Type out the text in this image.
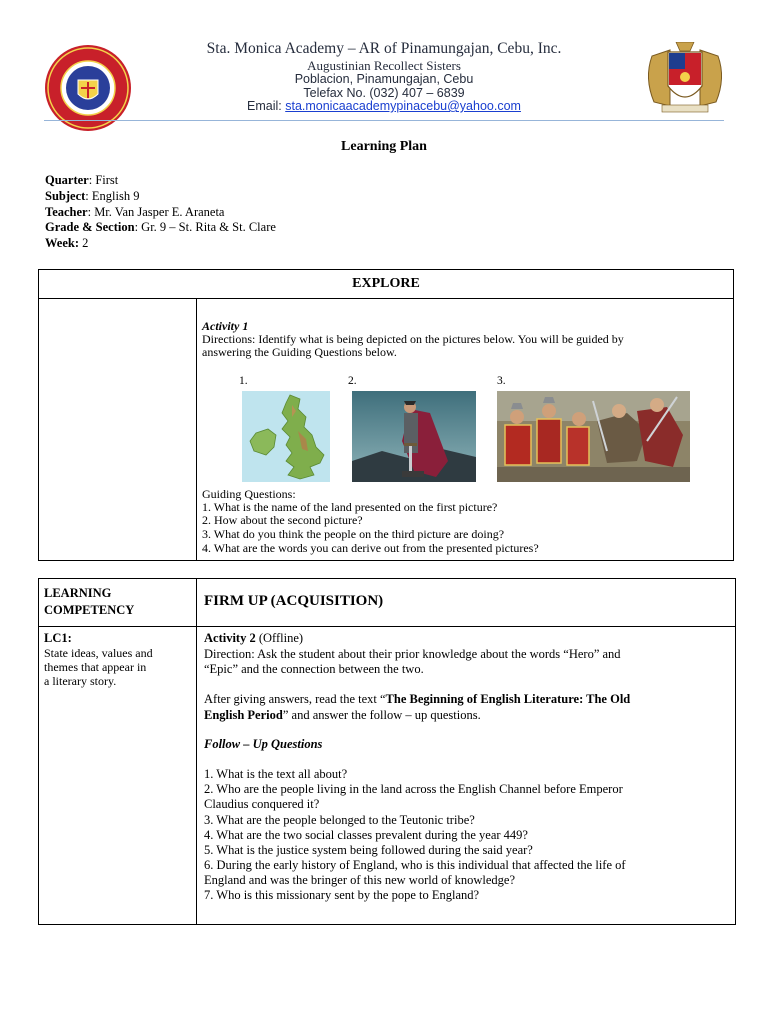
Sta. Monica Academy – AR of Pinamungajan, Cebu, Inc.
Augustinian Recollect Sisters
Poblacion, Pinamungajan, Cebu
Telefax No. (032) 407 – 6839
Email: sta.monicaacademypinacebu@yahoo.com
Learning Plan
Quarter: First
Subject: English 9
Teacher: Mr. Van Jasper E. Araneta
Grade & Section: Gr. 9 – St. Rita & St. Clare
Week: 2
EXPLORE
Activity 1
Directions: Identify what is being depicted on the pictures below. You will be guided by
answering the Guiding Questions below.
1.	2.	3.
Guiding Questions:
1. What is the name of the land presented on the first picture?
2. How about the second picture?
3. What do you think the people on the third picture are doing?
4. What are the words you can derive out from the presented pictures?
LEARNING
COMPETENCY
FIRM UP (ACQUISITION)
LC1:
State ideas, values and
themes that appear in
a literary story.
Activity 2 (Offline)
Direction: Ask the student about their prior knowledge about the words “Hero” and
“Epic” and the connection between the two.
After giving answers, read the text “The Beginning of English Literature: The Old
English Period” and answer the follow – up questions.
Follow – Up Questions
1. What is the text all about?
2. Who are the people living in the land across the English Channel before Emperor
Claudius conquered it?
3. What are the people belonged to the Teutonic tribe?
4. What are the two social classes prevalent during the year 449?
5. What is the justice system being followed during the said year?
6. During the early history of England, who is this individual that affected the life of
England and was the bringer of this new world of knowledge?
7. Who is this missionary sent by the pope to England?
